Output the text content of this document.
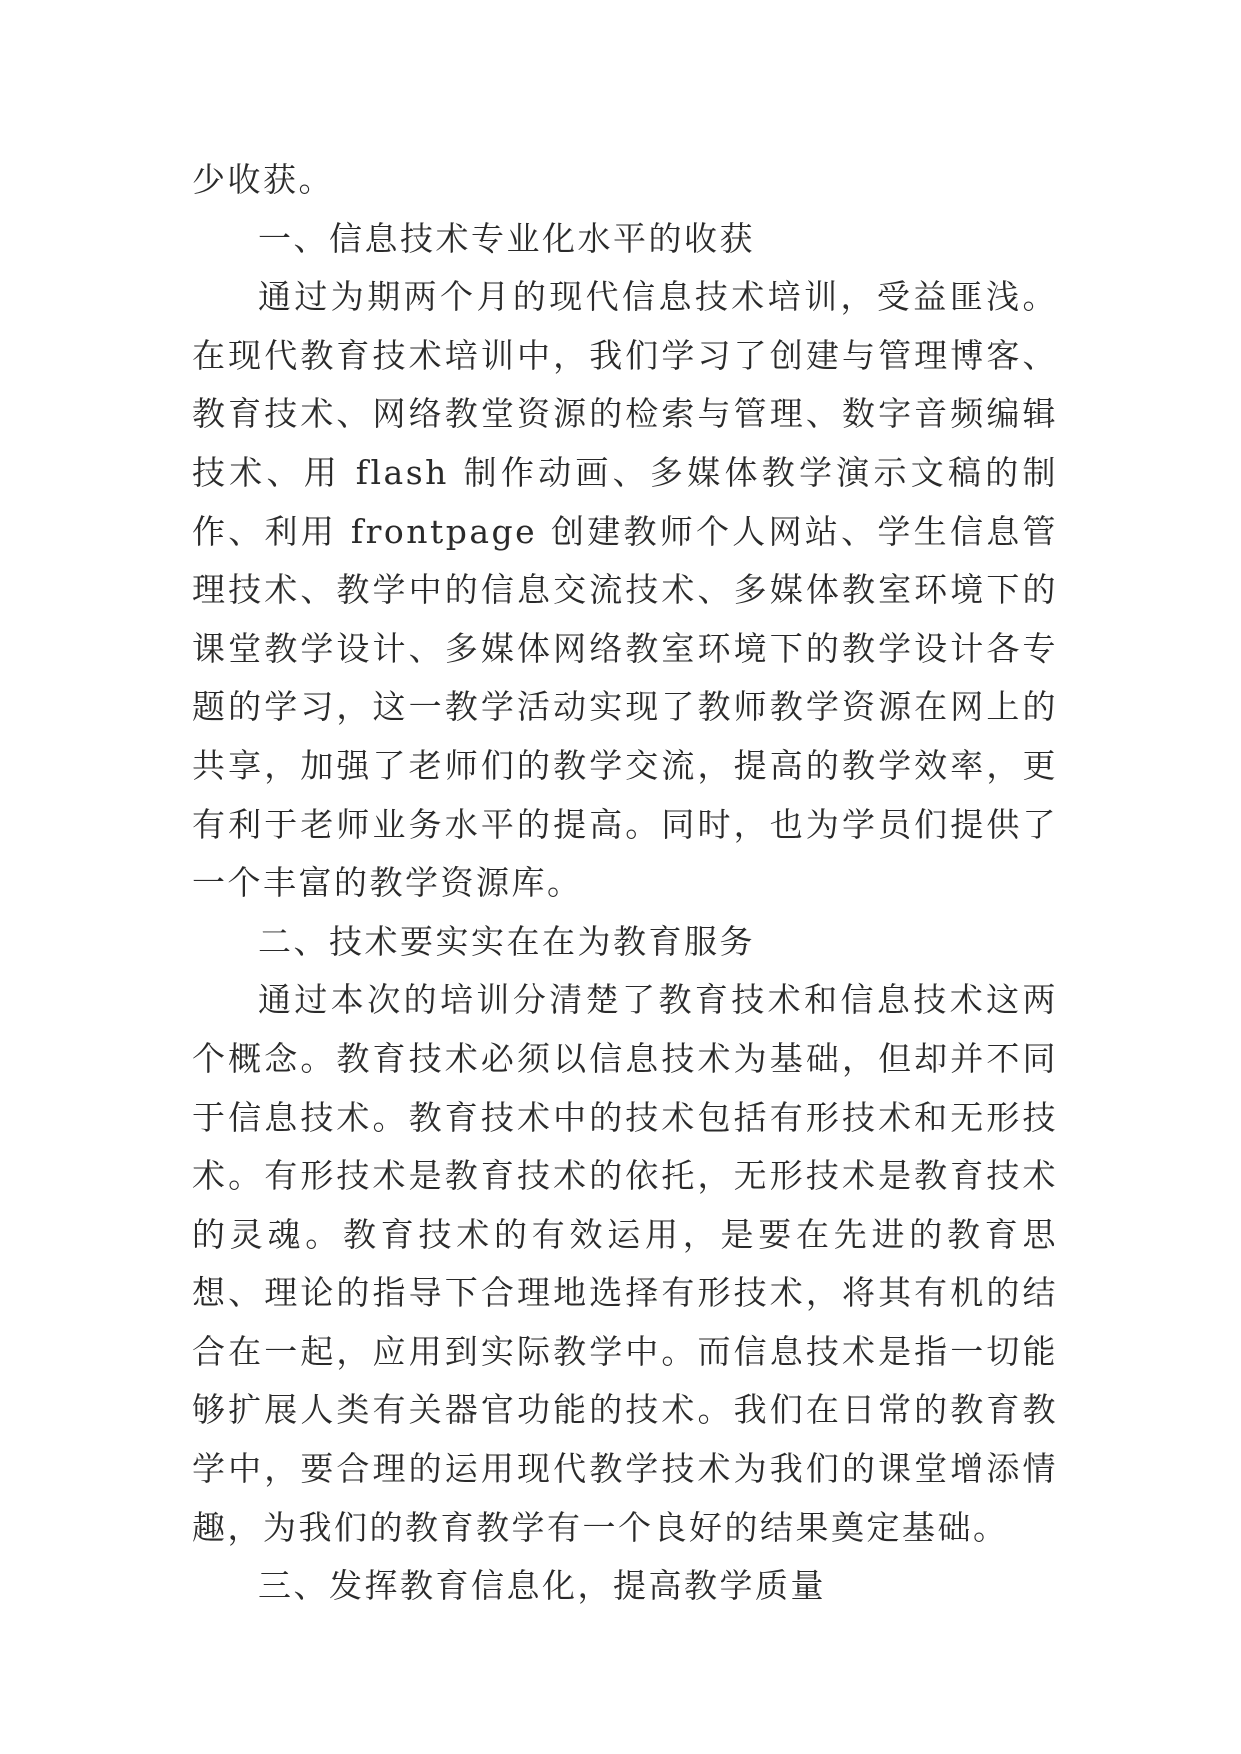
少收获。

一、信息技术专业化水平的收获

通过为期两个月的现代信息技术培训，受益匪浅。在现代教育技术培训中，我们学习了创建与管理博客、教育技术、网络教堂资源的检索与管理、数字音频编辑技术、用 flash 制作动画、多媒体教学演示文稿的制作、利用 frontpage 创建教师个人网站、学生信息管理技术、教学中的信息交流技术、多媒体教室环境下的课堂教学设计、多媒体网络教室环境下的教学设计各专题的学习，这一教学活动实现了教师教学资源在网上的共享，加强了老师们的教学交流，提高的教学效率，更有利于老师业务水平的提高。同时，也为学员们提供了一个丰富的教学资源库。

二、技术要实实在在为教育服务

通过本次的培训分清楚了教育技术和信息技术这两个概念。教育技术必须以信息技术为基础，但却并不同于信息技术。教育技术中的技术包括有形技术和无形技术。有形技术是教育技术的依托，无形技术是教育技术的灵魂。教育技术的有效运用，是要在先进的教育思想、理论的指导下合理地选择有形技术，将其有机的结合在一起，应用到实际教学中。而信息技术是指一切能够扩展人类有关器官功能的技术。我们在日常的教育教学中，要合理的运用现代教学技术为我们的课堂增添情趣，为我们的教育教学有一个良好的结果奠定基础。

三、发挥教育信息化，提高教学质量
